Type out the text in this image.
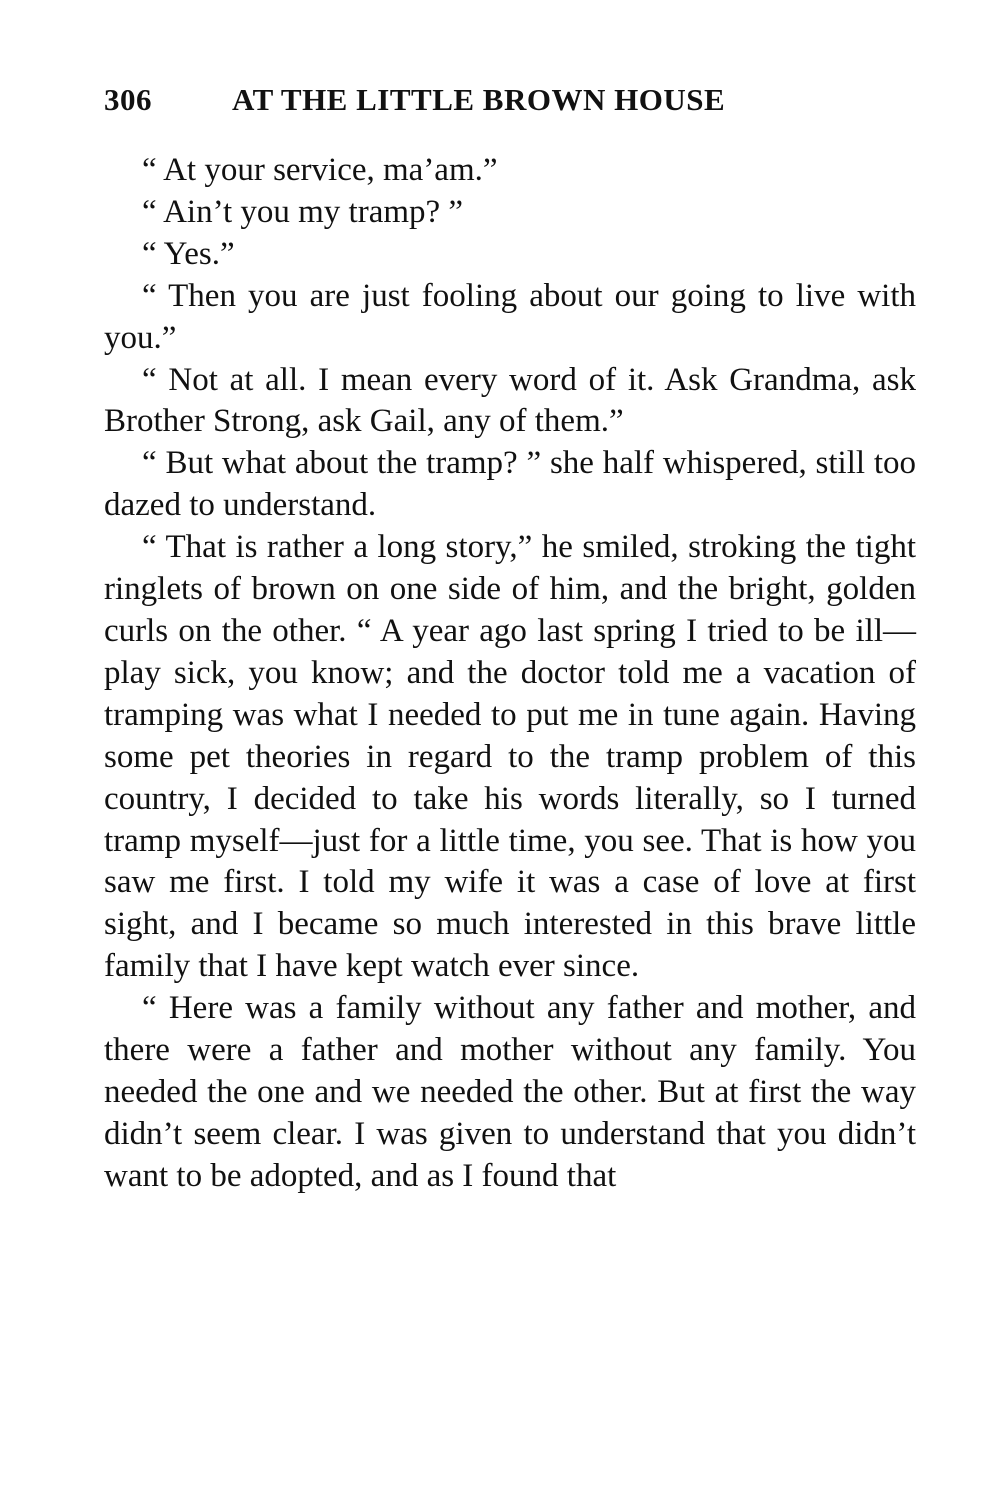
306	AT THE LITTLE BROWN HOUSE

“ At your service, ma’am.”

“ Ain’t you my tramp? ”

“ Yes.”

“ Then you are just fooling about our going to live with you.”

“ Not at all. I mean every word of it. Ask Grandma, ask Brother Strong, ask Gail, any of them.”

“ But what about the tramp? ” she half whispered, still too dazed to understand.

“ That is rather a long story,” he smiled, stroking the tight ringlets of brown on one side of him, and the bright, golden curls on the other. “ A year ago last spring I tried to be ill—play sick, you know; and the doctor told me a vacation of tramping was what I needed to put me in tune again. Having some pet theories in regard to the tramp problem of this country, I decided to take his words literally, so I turned tramp myself—just for a little time, you see. That is how you saw me first. I told my wife it was a case of love at first sight, and I became so much interested in this brave little family that I have kept watch ever since.

“ Here was a family without any father and mother, and there were a father and mother without any family. You needed the one and we needed the other. But at first the way didn’t seem clear. I was given to understand that you didn’t want to be adopted, and as I found that
